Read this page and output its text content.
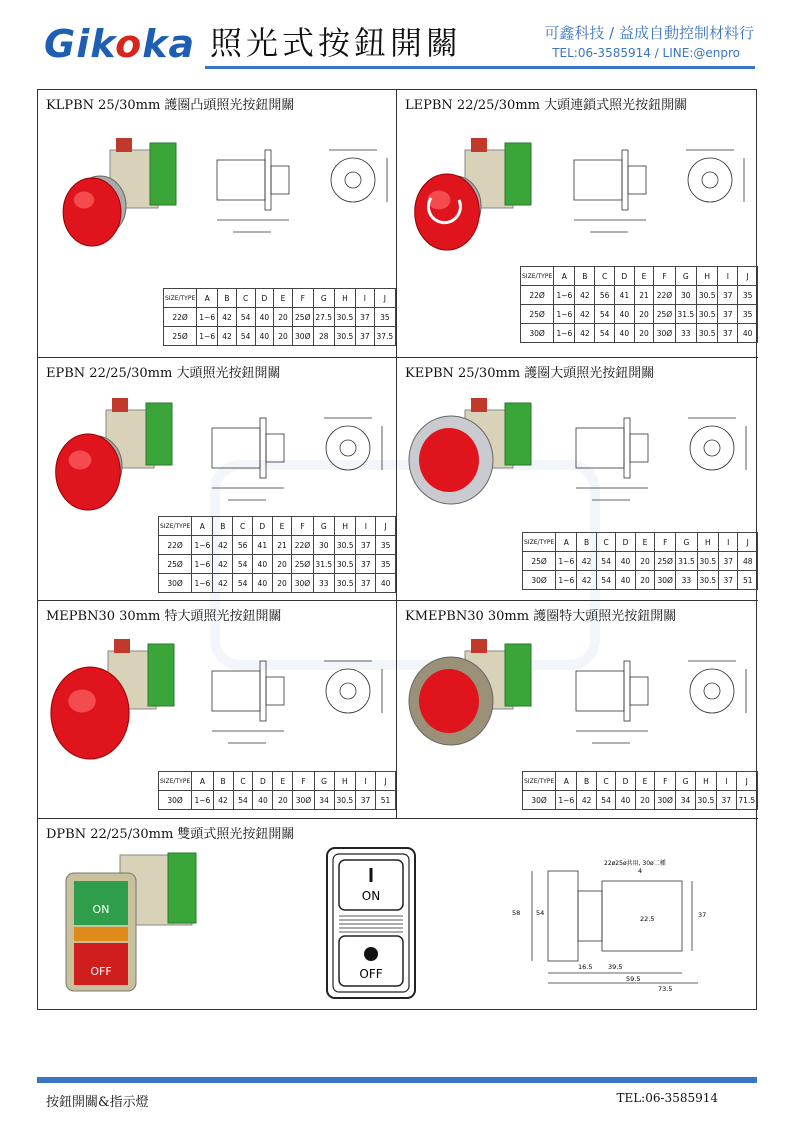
Gikoka 照光式按鈕開關	可鑫科技 / 益成自動控制材料行
TEL:06-3585914 / LINE:@enpro
KLPBN 25/30mm 護圈凸頭照光按鈕開關
SIZE/TYPE	A	B	C	D	E	F	G	H	I	J
22Ø	1~6	42	54	40	20	25Ø	27.5	30.5	37	35
25Ø	1~6	42	54	40	20	30Ø	28	30.5	37	37.5
LEPBN 22/25/30mm 大頭連鎖式照光按鈕開關
SIZE/TYPE	A	B	C	D	E	F	G	H	I	J
22Ø	1~6	42	56	41	21	22Ø	30	30.5	37	35
25Ø	1~6	42	54	40	20	25Ø	31.5	30.5	37	35
30Ø	1~6	42	54	40	20	30Ø	33	30.5	37	40
EPBN 22/25/30mm 大頭照光按鈕開關
SIZE/TYPE	A	B	C	D	E	F	G	H	I	J
22Ø	1~6	42	56	41	21	22Ø	30	30.5	37	35
25Ø	1~6	42	54	40	20	25Ø	31.5	30.5	37	35
30Ø	1~6	42	54	40	20	30Ø	33	30.5	37	40
KEPBN 25/30mm 護圈大頭照光按鈕開關
SIZE/TYPE	A	B	C	D	E	F	G	H	I	J
25Ø	1~6	42	54	40	20	25Ø	31.5	30.5	37	48
30Ø	1~6	42	54	40	20	30Ø	33	30.5	37	51
MEPBN30 30mm 特大頭照光按鈕開關
SIZE/TYPE	A	B	C	D	E	F	G	H	I	J
30Ø	1~6	42	54	40	20	30Ø	34	30.5	37	51
KMEPBN30 30mm 護圈特大頭照光按鈕開關
SIZE/TYPE	A	B	C	D	E	F	G	H	I	J
30Ø	1~6	42	54	40	20	30Ø	34	30.5	37	71.5
DPBN 22/25/30mm 雙頭式照光按鈕開關
ON
OFF
ON
OFF
22ø25ø共用, 30ø二種
58 54	37
22.5
4
16.5 39.5
59.5
73.5
按鈕開關&指示燈	TEL:06-3585914
